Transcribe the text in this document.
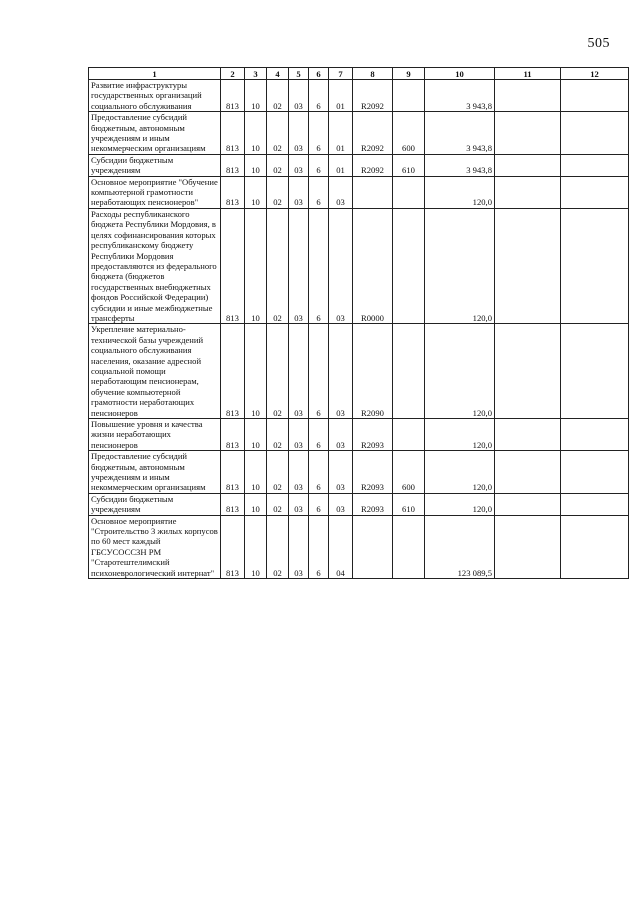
505
1	2	3	4	5	6	7	8	9	10	11	12
Развитие инфраструктуры государственных организаций социального обслуживания	813	10	02	03	6	01	R2092		3 943,8		
Предоставление субсидий бюджетным, автономным учреждениям и иным некоммерческим организациям	813	10	02	03	6	01	R2092	600	3 943,8		
Субсидии бюджетным учреждениям	813	10	02	03	6	01	R2092	610	3 943,8		
Основное мероприятие "Обучение компьютерной грамотности неработающих пенсионеров"	813	10	02	03	6	03			120,0		
Расходы республиканского бюджета Республики Мордовия, в целях софинансирования которых республиканскому бюджету Республики Мордовия предоставляются из федерального бюджета (бюджетов государственных внебюджетных фондов Российской Федерации) субсидии и иные межбюджетные трансферты	813	10	02	03	6	03	R0000		120,0		
Укрепление материально-технической базы учреждений социального обслуживания населения, оказание адресной социальной помощи неработающим пенсионерам, обучение компьютерной грамотности неработающих пенсионеров	813	10	02	03	6	03	R2090		120,0		
Повышение уровня и качества жизни неработающих пенсионеров	813	10	02	03	6	03	R2093		120,0		
Предоставление субсидий бюджетным, автономным учреждениям и иным некоммерческим организациям	813	10	02	03	6	03	R2093	600	120,0		
Субсидии бюджетным учреждениям	813	10	02	03	6	03	R2093	610	120,0		
Основное мероприятие "Строительство 3 жилых корпусов по 60 мест каждый ГБСУСОССЗН РМ "Старотештелимский психоневрологический интернат"	813	10	02	03	6	04			123 089,5		
